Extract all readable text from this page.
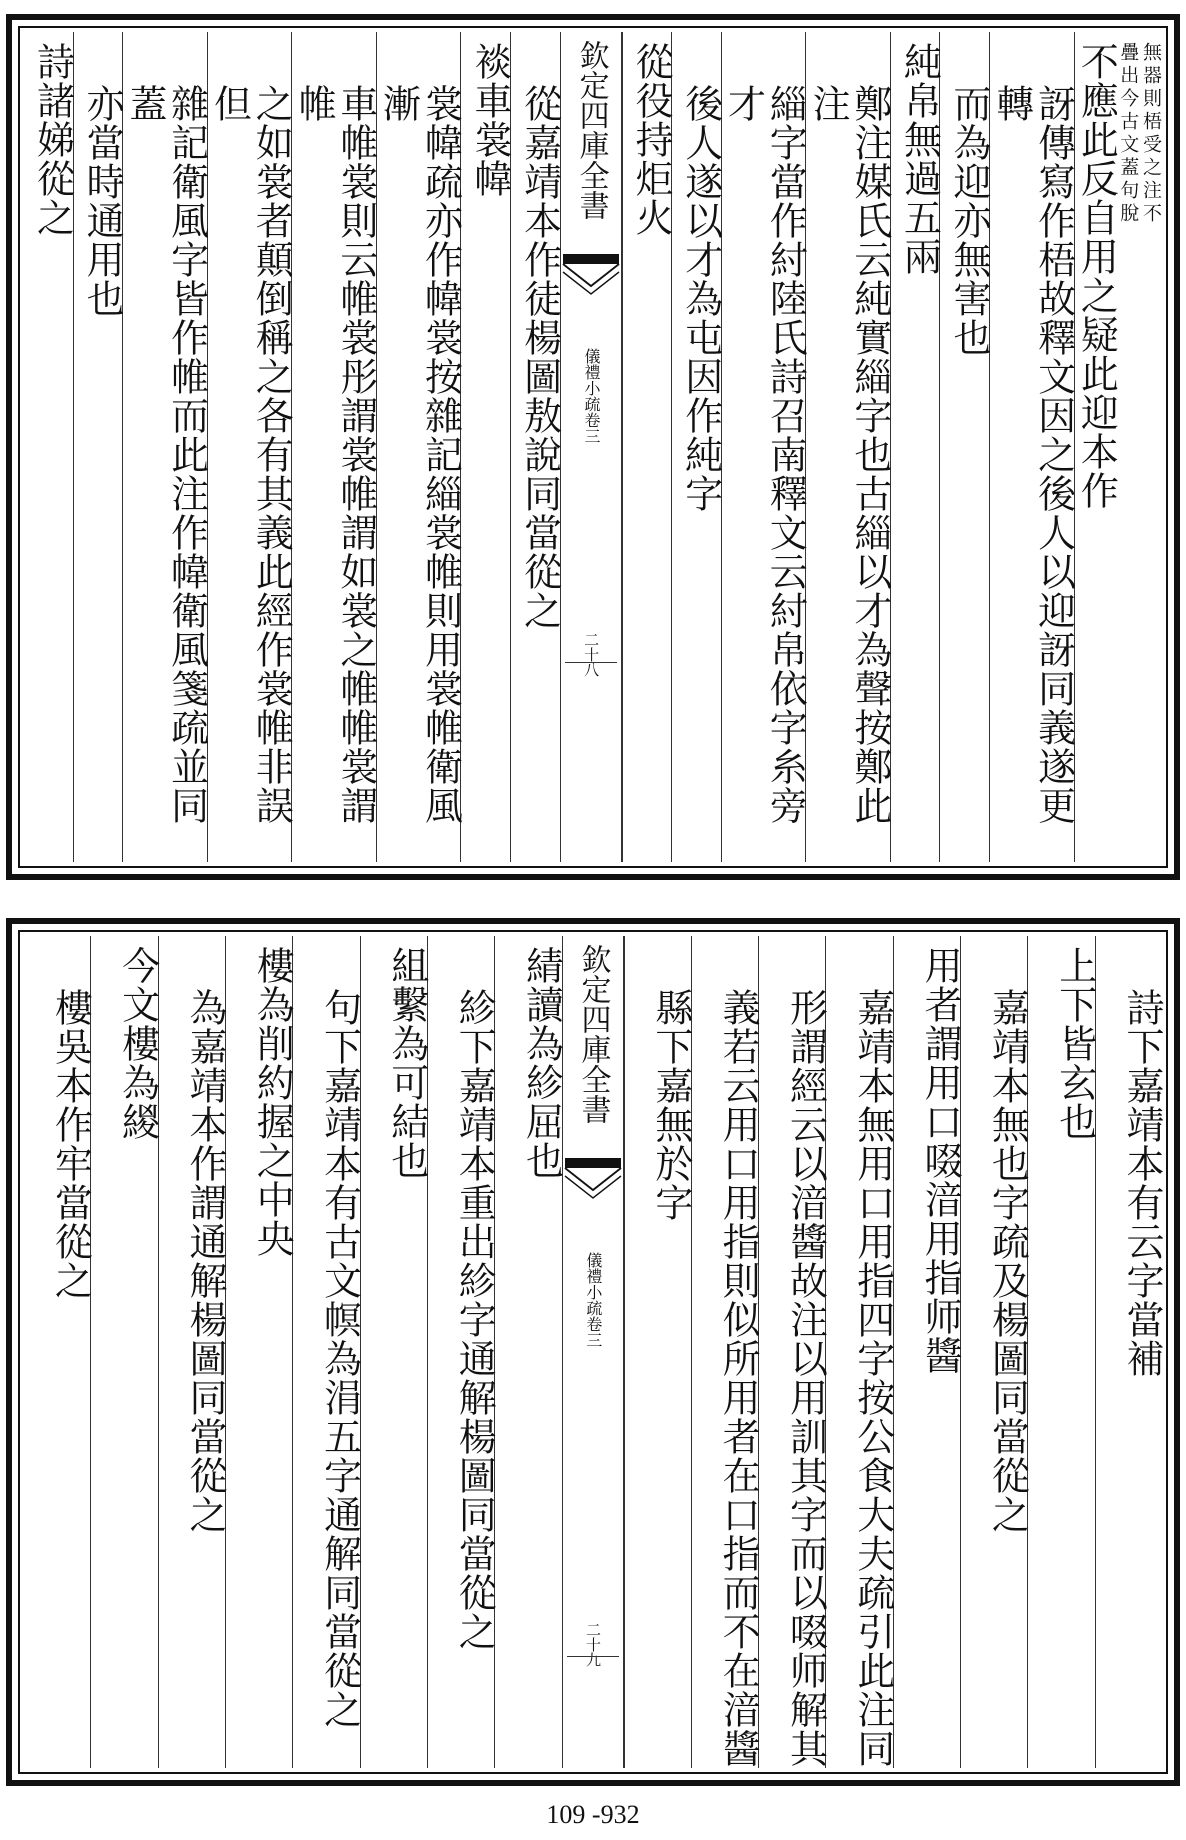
無器則梧受之注不
疊出今古文蓋句脫
不應此反自用之疑此迎本作
訝傳寫作梧故釋文因之後人以迎訝同義遂更轉
而為迎亦無害也
純帛無過五兩
鄭注媒氏云純實緇字也古緇以才為聲按鄭此注
緇字當作紂陸氏詩召南釋文云紂帛依字糸旁才
後人遂以才為屯因作純字
從役持炬火
欽定四庫全書
儀禮小疏
卷三
二十八
從嘉靖本作徒楊圖敖說同當從之
裧車裳幃
裳幃疏亦作幃裳按雜記緇裳帷則用裳帷衛風漸
車帷裳則云帷裳彤謂裳帷謂如裳之帷帷裳謂帷
之如裳者顛倒稱之各有其義此經作裳帷非誤但
雜記衛風字皆作帷而此注作幃衛風箋疏並同蓋
亦當時通用也
詩諸娣從之
詩下嘉靖本有云字當補
上下皆玄也
嘉靖本無也字疏及楊圖同當從之
用者謂用口啜湆用指师醬
嘉靖本無用口用指四字按公食大夫疏引此注同
形謂經云以湆醬故注以用訓其字而以啜师解其
義若云用口用指則似所用者在口指而不在湆醬
縣下嘉無於字
欽定四庫全書
儀禮小疏
卷三
二十九
綪讀為紾屈也
紾下嘉靖本重出紾字通解楊圖同當從之
組繫為可結也
句下嘉靖本有古文幎為涓五字通解同當從之
樓為削約握之中央
為嘉靖本作謂通解楊圖同當從之
今文樓為緵
樓吳本作牢當從之
109 -932
